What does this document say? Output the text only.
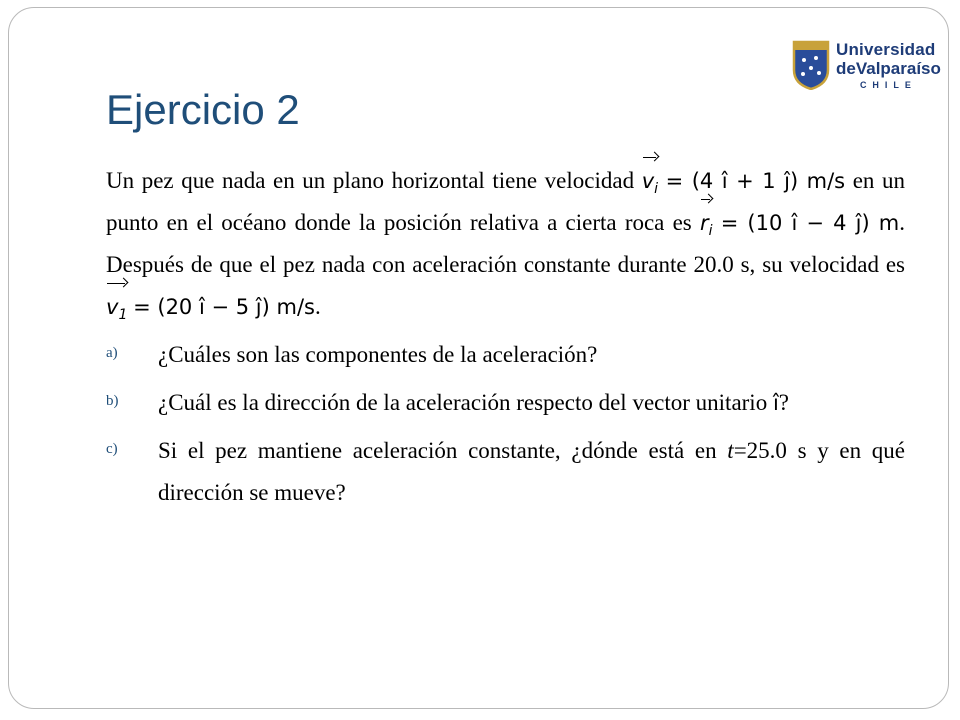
Universidad
deValparaíso
CHILE
Ejercicio 2

Un pez que nada en un plano horizontal tiene velocidad $v_i = (4$ î + 1 ĵ) m/s en un punto en el océano donde la posición relativa a cierta roca es $r_i = (10$ î − 4 ĵ) m. Después de que el pez nada con aceleración constante durante 20.0 s, su velocidad es $v_1 = (20$ î − 5 ĵ) m/s.

a)	¿Cuáles son las componentes de la aceleración?
b)	¿Cuál es la dirección de la aceleración respecto del vector unitario î?
c)	Si el pez mantiene aceleración constante, ¿dónde está en t=25.0 s y en qué dirección se mueve?
